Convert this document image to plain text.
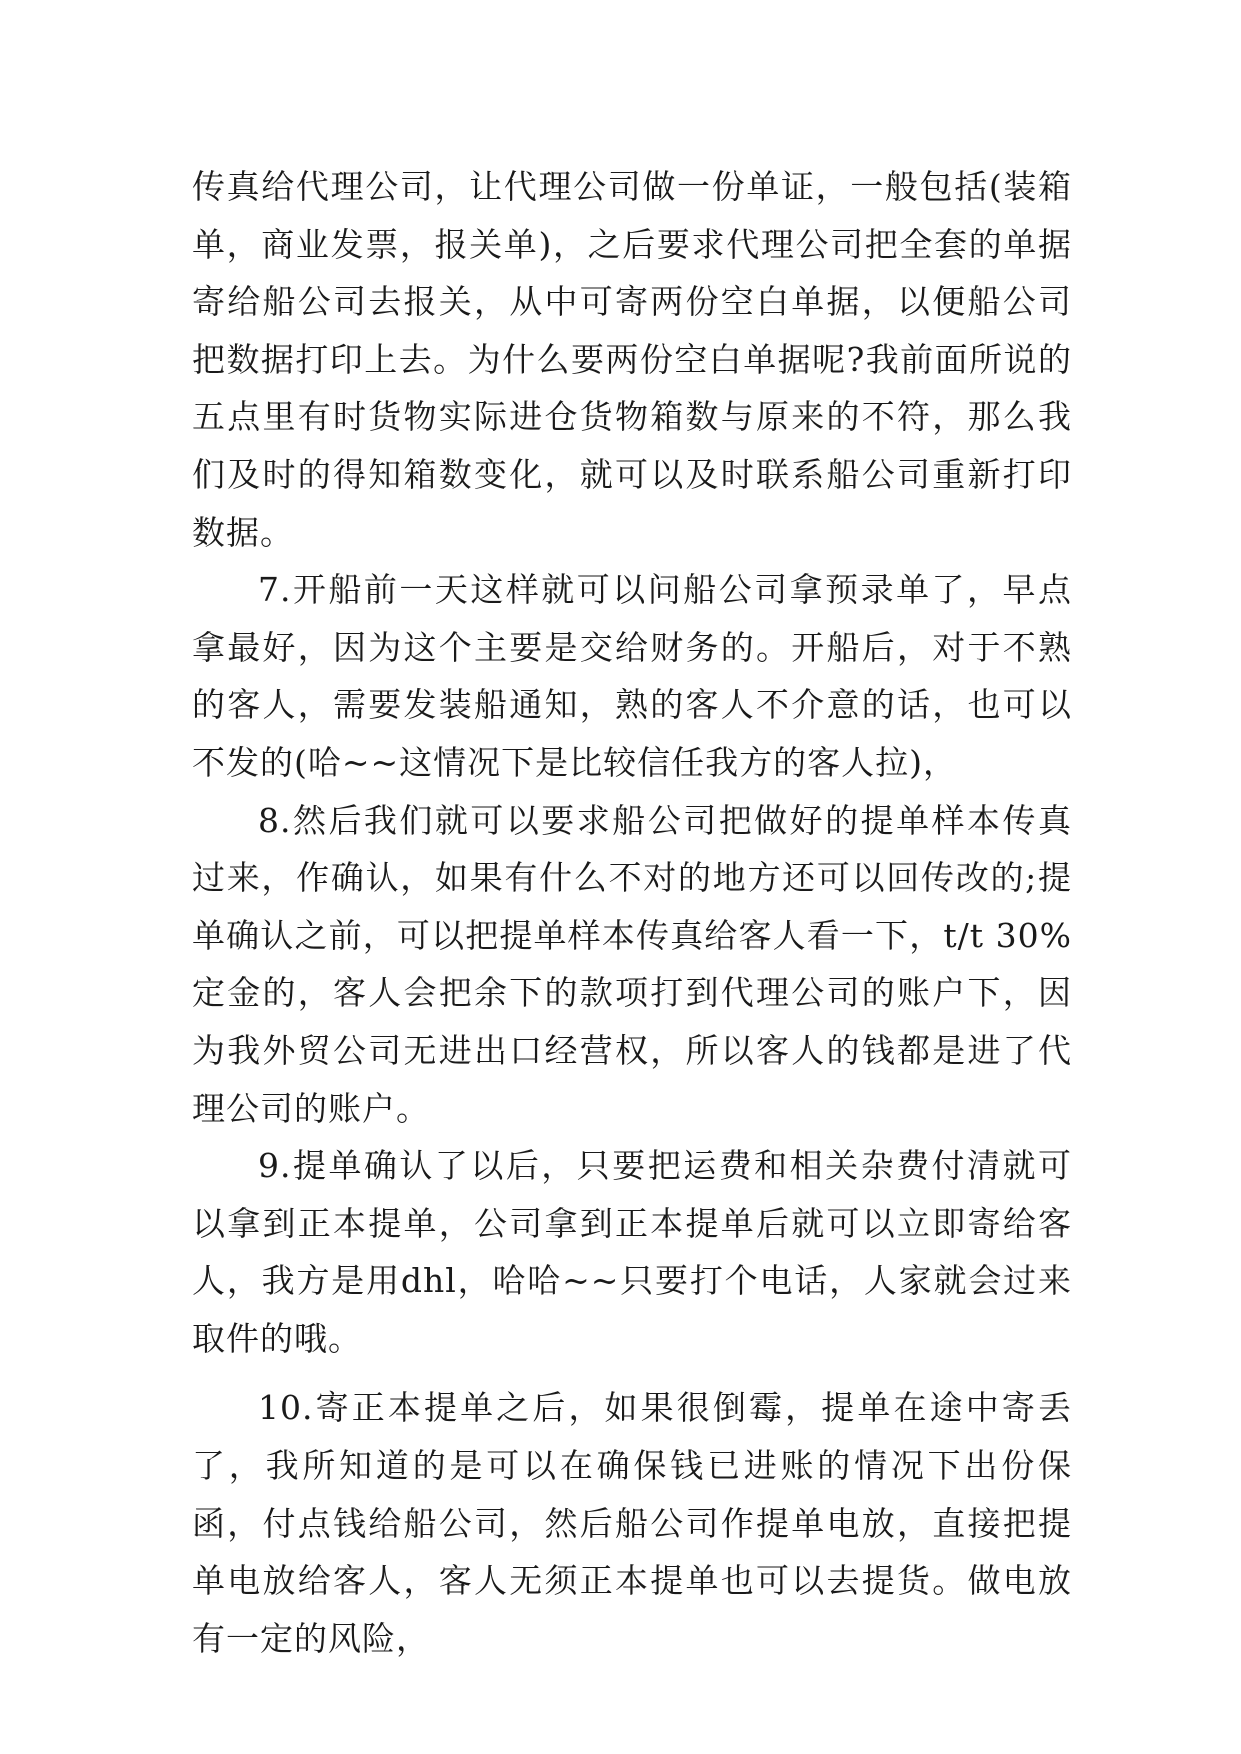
传真给代理公司，让代理公司做一份单证，一般包括(装箱单，商业发票，报关单)，之后要求代理公司把全套的单据寄给船公司去报关，从中可寄两份空白单据，以便船公司把数据打印上去。为什么要两份空白单据呢?我前面所说的五点里有时货物实际进仓货物箱数与原来的不符，那么我们及时的得知箱数变化，就可以及时联系船公司重新打印数据。

7.开船前一天这样就可以问船公司拿预录单了，早点拿最好，因为这个主要是交给财务的。开船后，对于不熟的客人，需要发装船通知，熟的客人不介意的话，也可以不发的(哈~~这情况下是比较信任我方的客人拉)，

8.然后我们就可以要求船公司把做好的提单样本传真过来，作确认，如果有什么不对的地方还可以回传改的;提单确认之前，可以把提单样本传真给客人看一下，t/t 30%定金的，客人会把余下的款项打到代理公司的账户下，因为我外贸公司无进出口经营权，所以客人的钱都是进了代理公司的账户。

9.提单确认了以后，只要把运费和相关杂费付清就可以拿到正本提单，公司拿到正本提单后就可以立即寄给客人，我方是用dhl，哈哈~~只要打个电话，人家就会过来取件的哦。

10.寄正本提单之后，如果很倒霉，提单在途中寄丢了，我所知道的是可以在确保钱已进账的情况下出份保函，付点钱给船公司，然后船公司作提单电放，直接把提单电放给客人，客人无须正本提单也可以去提货。做电放有一定的风险，
